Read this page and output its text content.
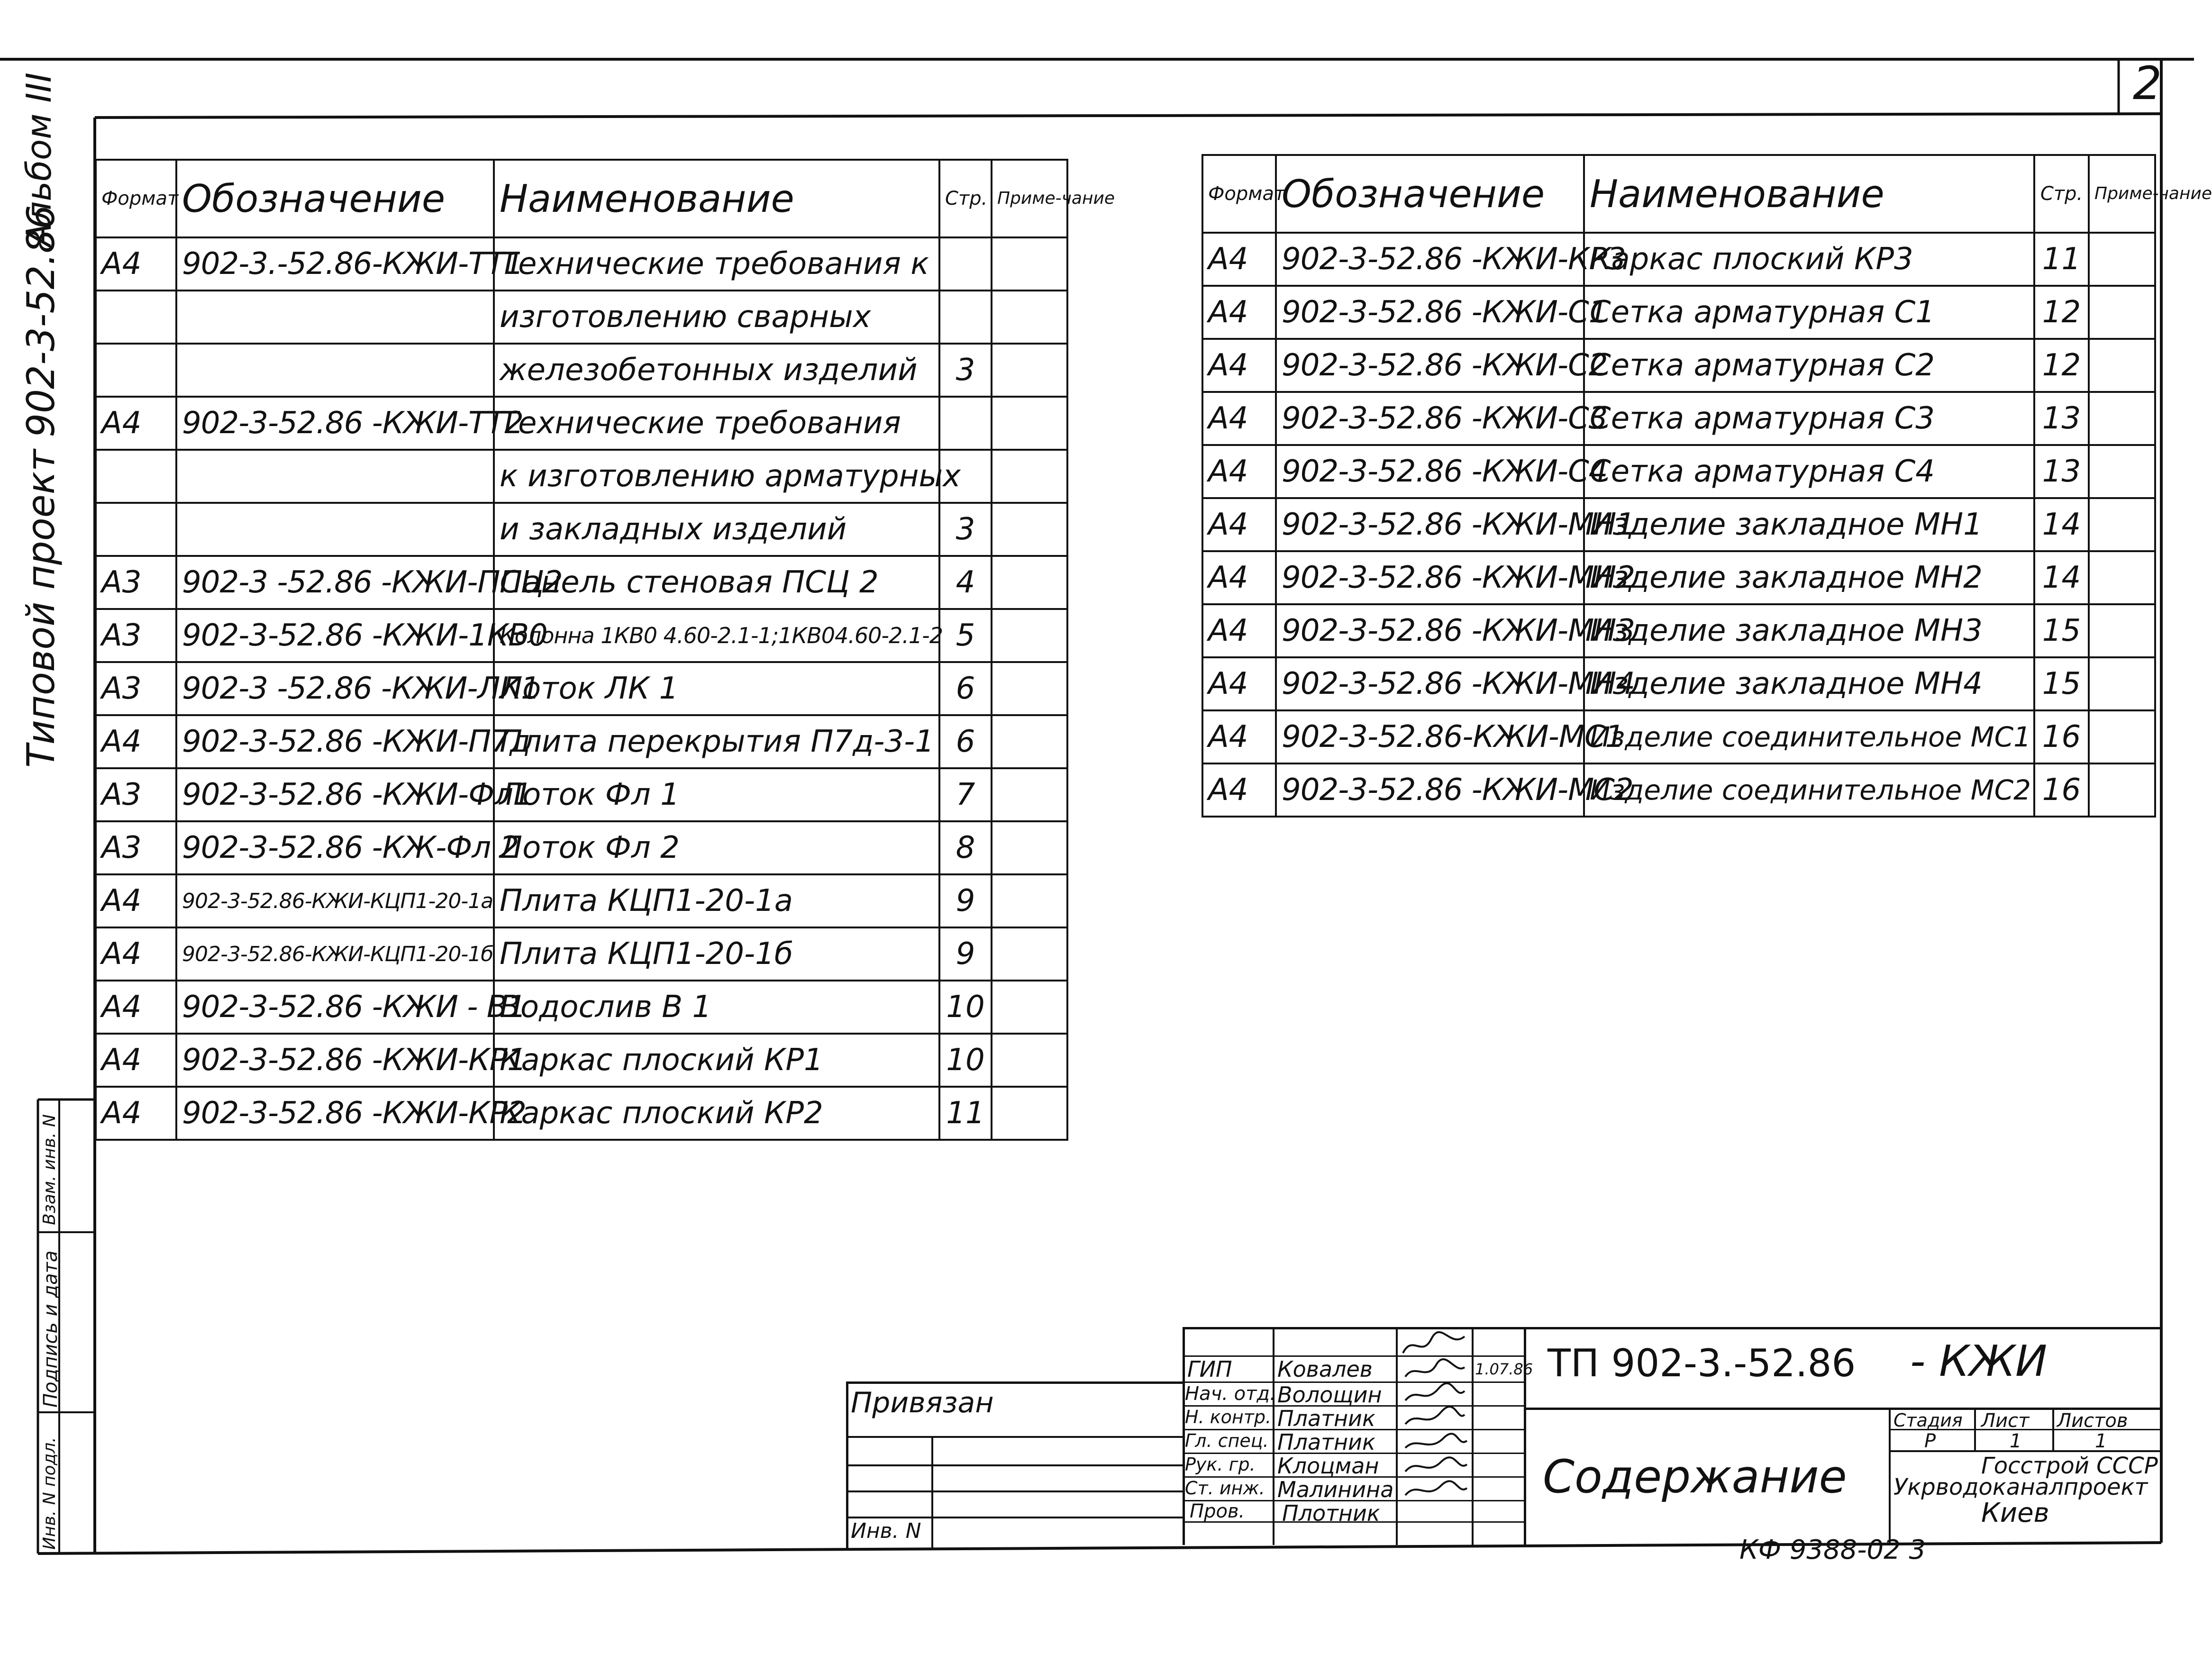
2
Альбом III
Типовой проект 902-3-52.86
Взам. инв. N
Подпись и дата
Инв. N подл.
Формат	Обозначение	Наименование	Стр.	Приме-чание
А4	902-3.-52.86-КЖИ-ТТ1	Технические требования к		
		изготовлению сварных		
		железобетонных изделий	3	
А4	902-3-52.86 -КЖИ-ТТ2	Технические требования		
		к изготовлению арматурных		
		и закладных изделий	3	
А3	902-3 -52.86 -КЖИ-ПСЦ2	Панель стеновая ПСЦ 2	4	
А3	902-3-52.86 -КЖИ-1КВ0	Колонна 1КВ0 4.60-2.1-1;1КВ04.60-2.1-2	5	
А3	902-3 -52.86 -КЖИ-ЛК1	Лоток ЛК 1	6	
А4	902-3-52.86 -КЖИ-П7д	Плита перекрытия П7д-3-1	6	
А3	902-3-52.86 -КЖИ-Фл1	Лоток Фл 1	7	
А3	902-3-52.86 -КЖ-Фл 2	Лоток Фл 2	8	
А4	902-3-52.86-КЖИ-КЦП1-20-1а	Плита КЦП1-20-1а	9	
А4	902-3-52.86-КЖИ-КЦП1-20-1б	Плита КЦП1-20-1б	9	
А4	902-3-52.86 -КЖИ - В1	Водослив В 1	10	
А4	902-3-52.86 -КЖИ-КР1	Каркас плоский КР1	10	
А4	902-3-52.86 -КЖИ-КР2	Каркас плоский КР2	11	
Формат	Обозначение	Наименование	Стр.	Приме-чание
А4	902-3-52.86 -КЖИ-КР3	Каркас плоский КР3	11	
А4	902-3-52.86 -КЖИ-С1	Сетка арматурная С1	12	
А4	902-3-52.86 -КЖИ-С2	Сетка арматурная С2	12	
А4	902-3-52.86 -КЖИ-С3	Сетка арматурная С3	13	
А4	902-3-52.86 -КЖИ-С4	Сетка арматурная С4	13	
А4	902-3-52.86 -КЖИ-МН1	Изделие закладное МН1	14	
А4	902-3-52.86 -КЖИ-МН2	Изделие закладное МН2	14	
А4	902-3-52.86 -КЖИ-МН3	Изделие закладное МН3	15	
А4	902-3-52.86 -КЖИ-МН4	Изделие закладное МН4	15	
А4	902-3-52.86-КЖИ-МС1	Изделие соединительное МС1	16	
А4	902-3-52.86 -КЖИ-МС2	Изделие соединительное МС2	16	
Привязан
Инв. N
ГИП Ковалев	1.07.86
Нач. отд. Волощин
Н. контр. Платник
Гл. спец. Платник
Рук. гр. Клоцман
Ст. инж. Малинина
Пров. Плотник
ТП 902-3.-52.86 - КЖИ
Содержание
Стадия Лист Листов
Р	1	1
Госстрой СССР
Укрводоканалпроект
Киев
КФ 9388-02 3
